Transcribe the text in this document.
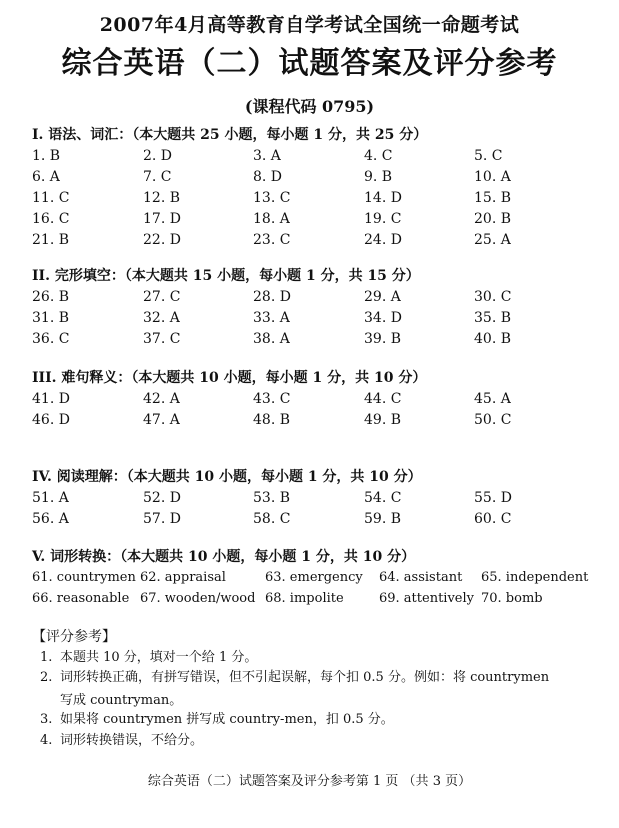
2007年4月高等教育自学考试全国统一命题考试
综合英语（二）试题答案及评分参考
(课程代码 0795)
I. 语法、词汇：（本大题共 25 小题，每小题 1 分，共 25 分）
1. B	2. D	3. A	4. C	5. C
6. A	7. C	8. D	9. B	10. A
11. C	12. B	13. C	14. D	15. B
16. C	17. D	18. A	19. C	20. B
21. B	22. D	23. C	24. D	25. A
II. 完形填空：（本大题共 15 小题，每小题 1 分，共 15 分）
26. B	27. C	28. D	29. A	30. C
31. B	32. A	33. A	34. D	35. B
36. C	37. C	38. A	39. B	40. B
III. 难句释义：（本大题共 10 小题，每小题 1 分，共 10 分）
41. D	42. A	43. C	44. C	45. A
46. D	47. A	48. B	49. B	50. C
IV. 阅读理解：（本大题共 10 小题，每小题 1 分，共 10 分）
51. A	52. D	53. B	54. C	55. D
56. A	57. D	58. C	59. B	60. C
V. 词形转换：（本大题共 10 小题，每小题 1 分，共 10 分）
61. countrymen 62. appraisal	63. emergency 64. assistant 65. independent
66. reasonable 67. wooden/wood 68. impolite	69. attentively 70. bomb
【评分参考】
1. 本题共 10 分，填对一个给 1 分。
2. 词形转换正确，有拼写错误，但不引起误解，每个扣 0.5 分。例如：将 countrymen
写成 countryman。
3. 如果将 countrymen 拼写成 country-men，扣 0.5 分。
4. 词形转换错误，不给分。
综合英语（二）试题答案及评分参考第 1 页 （共 3 页）
